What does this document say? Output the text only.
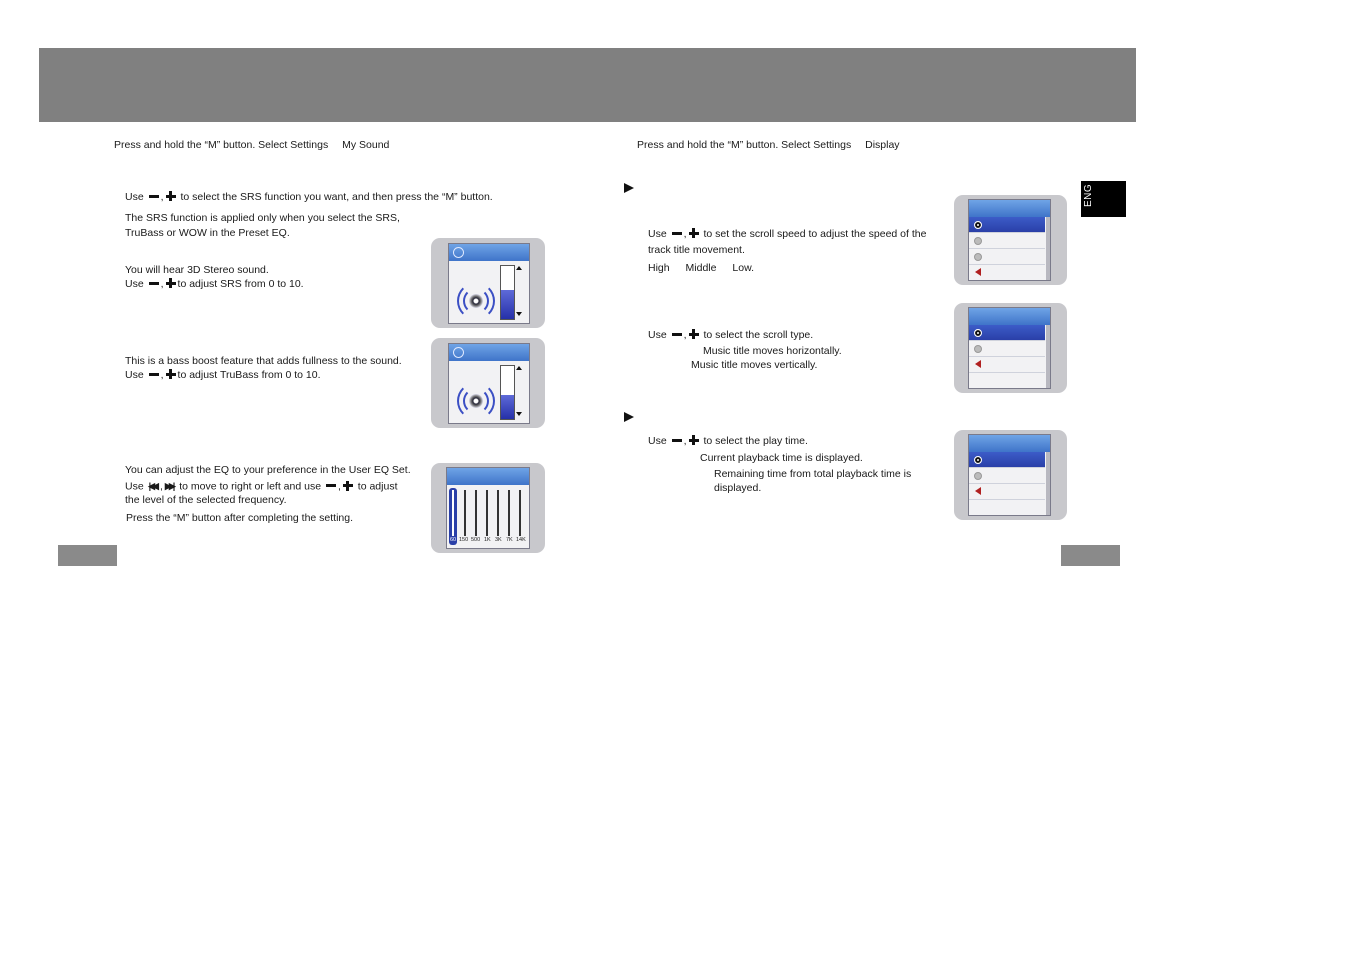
ENG
Press and hold the “M” button. Select Settings My Sound
Use , to select the SRS function you want, and then press the “M” button.
The SRS function is applied only when you select the SRS,
TruBass or WOW in the Preset EQ.
You will hear 3D Stereo sound.
Use , to adjust SRS from 0 to 10.
This is a bass boost feature that adds fullness to the sound.
Use , to adjust TruBass from 0 to 10.
You can adjust the EQ to your preference in the User EQ Set.
Use |◀◀ , ▶▶| to move to right or left and use , to adjust
the level of the selected frequency.
Press the “M” button after completing the setting.
60 150 500 1K 3K 7K 14K
Press and hold the “M” button. Select Settings Display
Use , to set the scroll speed to adjust the speed of the
track title movement.
High Middle Low.
Use , to select the scroll type.
Music title moves horizontally.
Music title moves vertically.
Use , to select the play time.
Current playback time is displayed.
Remaining time from total playback time is
displayed.
